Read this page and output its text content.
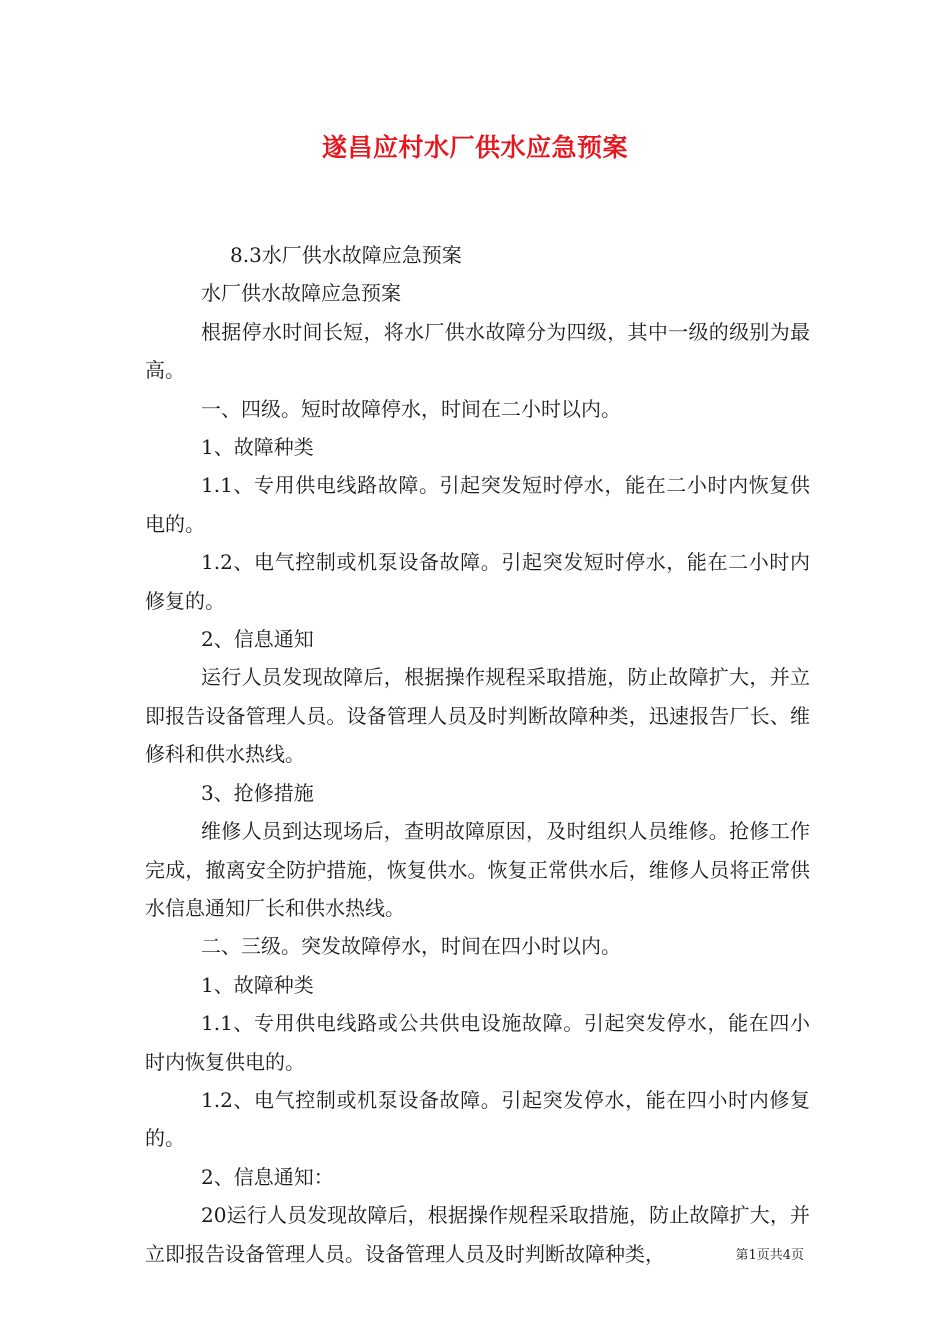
遂昌应村水厂供水应急预案

8.3水厂供水故障应急预案

水厂供水故障应急预案

根据停水时间长短，将水厂供水故障分为四级，其中一级的级别为最高。

一、四级。短时故障停水，时间在二小时以内。

1、故障种类

1.1、专用供电线路故障。引起突发短时停水，能在二小时内恢复供电的。

1.2、电气控制或机泵设备故障。引起突发短时停水，能在二小时内修复的。

2、信息通知

运行人员发现故障后，根据操作规程采取措施，防止故障扩大，并立即报告设备管理人员。设备管理人员及时判断故障种类，迅速报告厂长、维修科和供水热线。

3、抢修措施

维修人员到达现场后，查明故障原因，及时组织人员维修。抢修工作完成，撤离安全防护措施，恢复供水。恢复正常供水后，维修人员将正常供水信息通知厂长和供水热线。

二、三级。突发故障停水，时间在四小时以内。

1、故障种类

1.1、专用供电线路或公共供电设施故障。引起突发停水，能在四小时内恢复供电的。

1.2、电气控制或机泵设备故障。引起突发停水，能在四小时内修复的。

2、信息通知：

20运行人员发现故障后，根据操作规程采取措施，防止故障扩大，并立即报告设备管理人员。设备管理人员及时判断故障种类，	第1页共4页
